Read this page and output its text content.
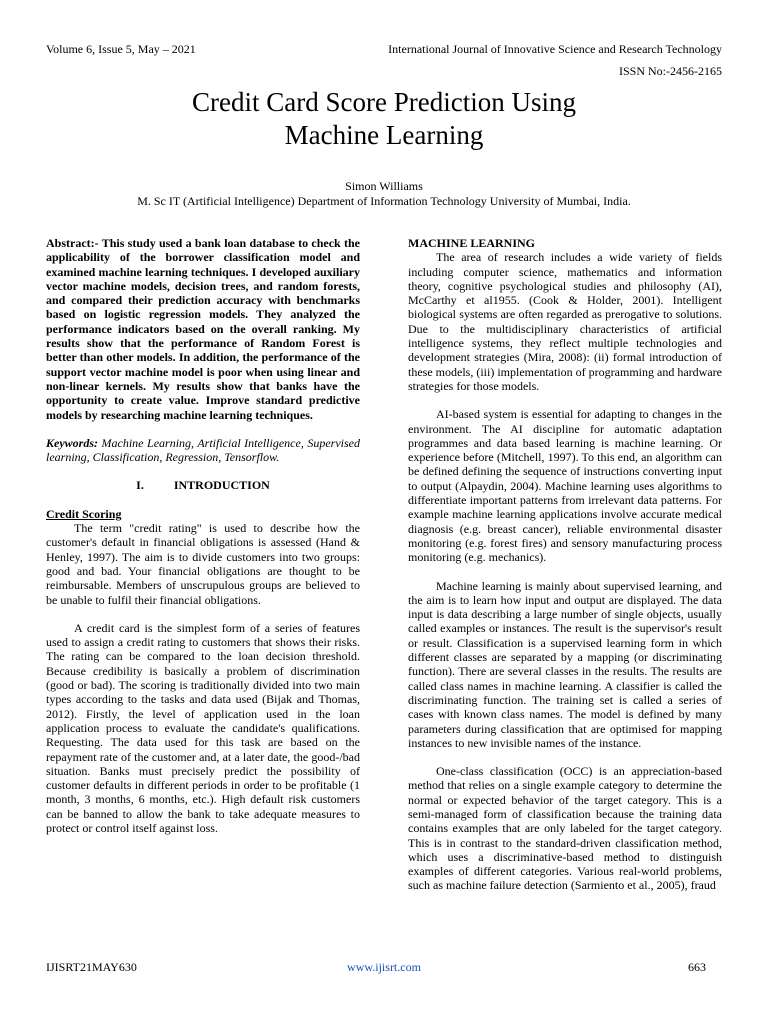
Volume 6, Issue 5, May – 2021	International Journal of Innovative Science and Research Technology
ISSN No:-2456-2165
Credit Card Score Prediction Using
Machine Learning
Simon Williams
M. Sc IT (Artificial Intelligence) Department of Information Technology University of Mumbai, India.

Abstract:- This study used a bank loan database to check the applicability of the borrower classification model and examined machine learning techniques. I developed auxiliary vector machine models, decision trees, and random forests, and compared their prediction accuracy with benchmarks based on logistic regression models. They analyzed the performance indicators based on the overall ranking. My results show that the performance of Random Forest is better than other models. In addition, the performance of the support vector machine model is poor when using linear and non-linear kernels. My results show that banks have the opportunity to create value. Improve standard predictive models by researching machine learning techniques.

Keywords: Machine Learning, Artificial Intelligence, Supervised learning, Classification, Regression, Tensorflow.

I.	INTRODUCTION

Credit Scoring

The term "credit rating" is used to describe how the customer's default in financial obligations is assessed (Hand & Henley, 1997). The aim is to divide customers into two groups: good and bad. Your financial obligations are thought to be reimbursable. Members of unscrupulous groups are believed to be unable to fulfil their financial obligations.

A credit card is the simplest form of a series of features used to assign a credit rating to customers that shows their risks. The rating can be compared to the loan decision threshold. Because credibility is basically a problem of discrimination (good or bad). The scoring is traditionally divided into two main types according to the tasks and data used (Bijak and Thomas, 2012). Firstly, the level of application used in the loan application process to evaluate the candidate's qualifications. Requesting. The data used for this task are based on the repayment rate of the customer and, at a later date, the good-/bad situation. Banks must precisely predict the possibility of customer defaults in different periods in order to be profitable (1 month, 3 months, 6 months, etc.). High default risk customers can be banned to allow the bank to take adequate measures to protect or control itself against loss.

MACHINE LEARNING

The area of research includes a wide variety of fields including computer science, mathematics and information theory, cognitive psychological studies and philosophy (AI), McCarthy et al1955. (Cook & Holder, 2001). Intelligent biological systems are often regarded as prerogative to solutions. Due to the multidisciplinary characteristics of artificial intelligence systems, they reflect multiple technologies and development strategies (Mira, 2008): (ii) formal introduction of these models, (iii) implementation of programming and hardware strategies for those models.

AI-based system is essential for adapting to changes in the environment. The AI discipline for automatic adaptation programmes and data based learning is machine learning. Or experience before (Mitchell, 1997). To this end, an algorithm can be defined defining the sequence of instructions converting input to output (Alpaydin, 2004). Machine learning uses algorithms to differentiate important patterns from irrelevant data patterns. For example machine learning applications involve accurate medical diagnosis (e.g. breast cancer), reliable environmental disaster monitoring (e.g. forest fires) and sensory manufacturing process monitoring (e.g. mechanics).

Machine learning is mainly about supervised learning, and the aim is to learn how input and output are displayed. The data input is data describing a large number of single objects, usually called examples or instances. The result is the supervisor's result or result. Classification is a supervised learning form in which different classes are separated by a mapping (or discriminating function). There are several classes in the results. The results are called class names in machine learning. A classifier is called the discriminating function. The training set is called a series of cases with known class names. The model is defined by many parameters during classification that are optimised for mapping instances to new invisible names of the instance.

One-class classification (OCC) is an appreciation-based method that relies on a single example category to determine the normal or expected behavior of the target category. This is a semi-managed form of classification because the training data contains examples that are only labeled for the target category. This is in contrast to the standard-driven classification method, which uses a discriminative-based method to distinguish examples of different categories. Various real-world problems, such as machine failure detection (Sarmiento et al., 2005), fraud

IJISRT21MAY630	www.ijisrt.com	663
